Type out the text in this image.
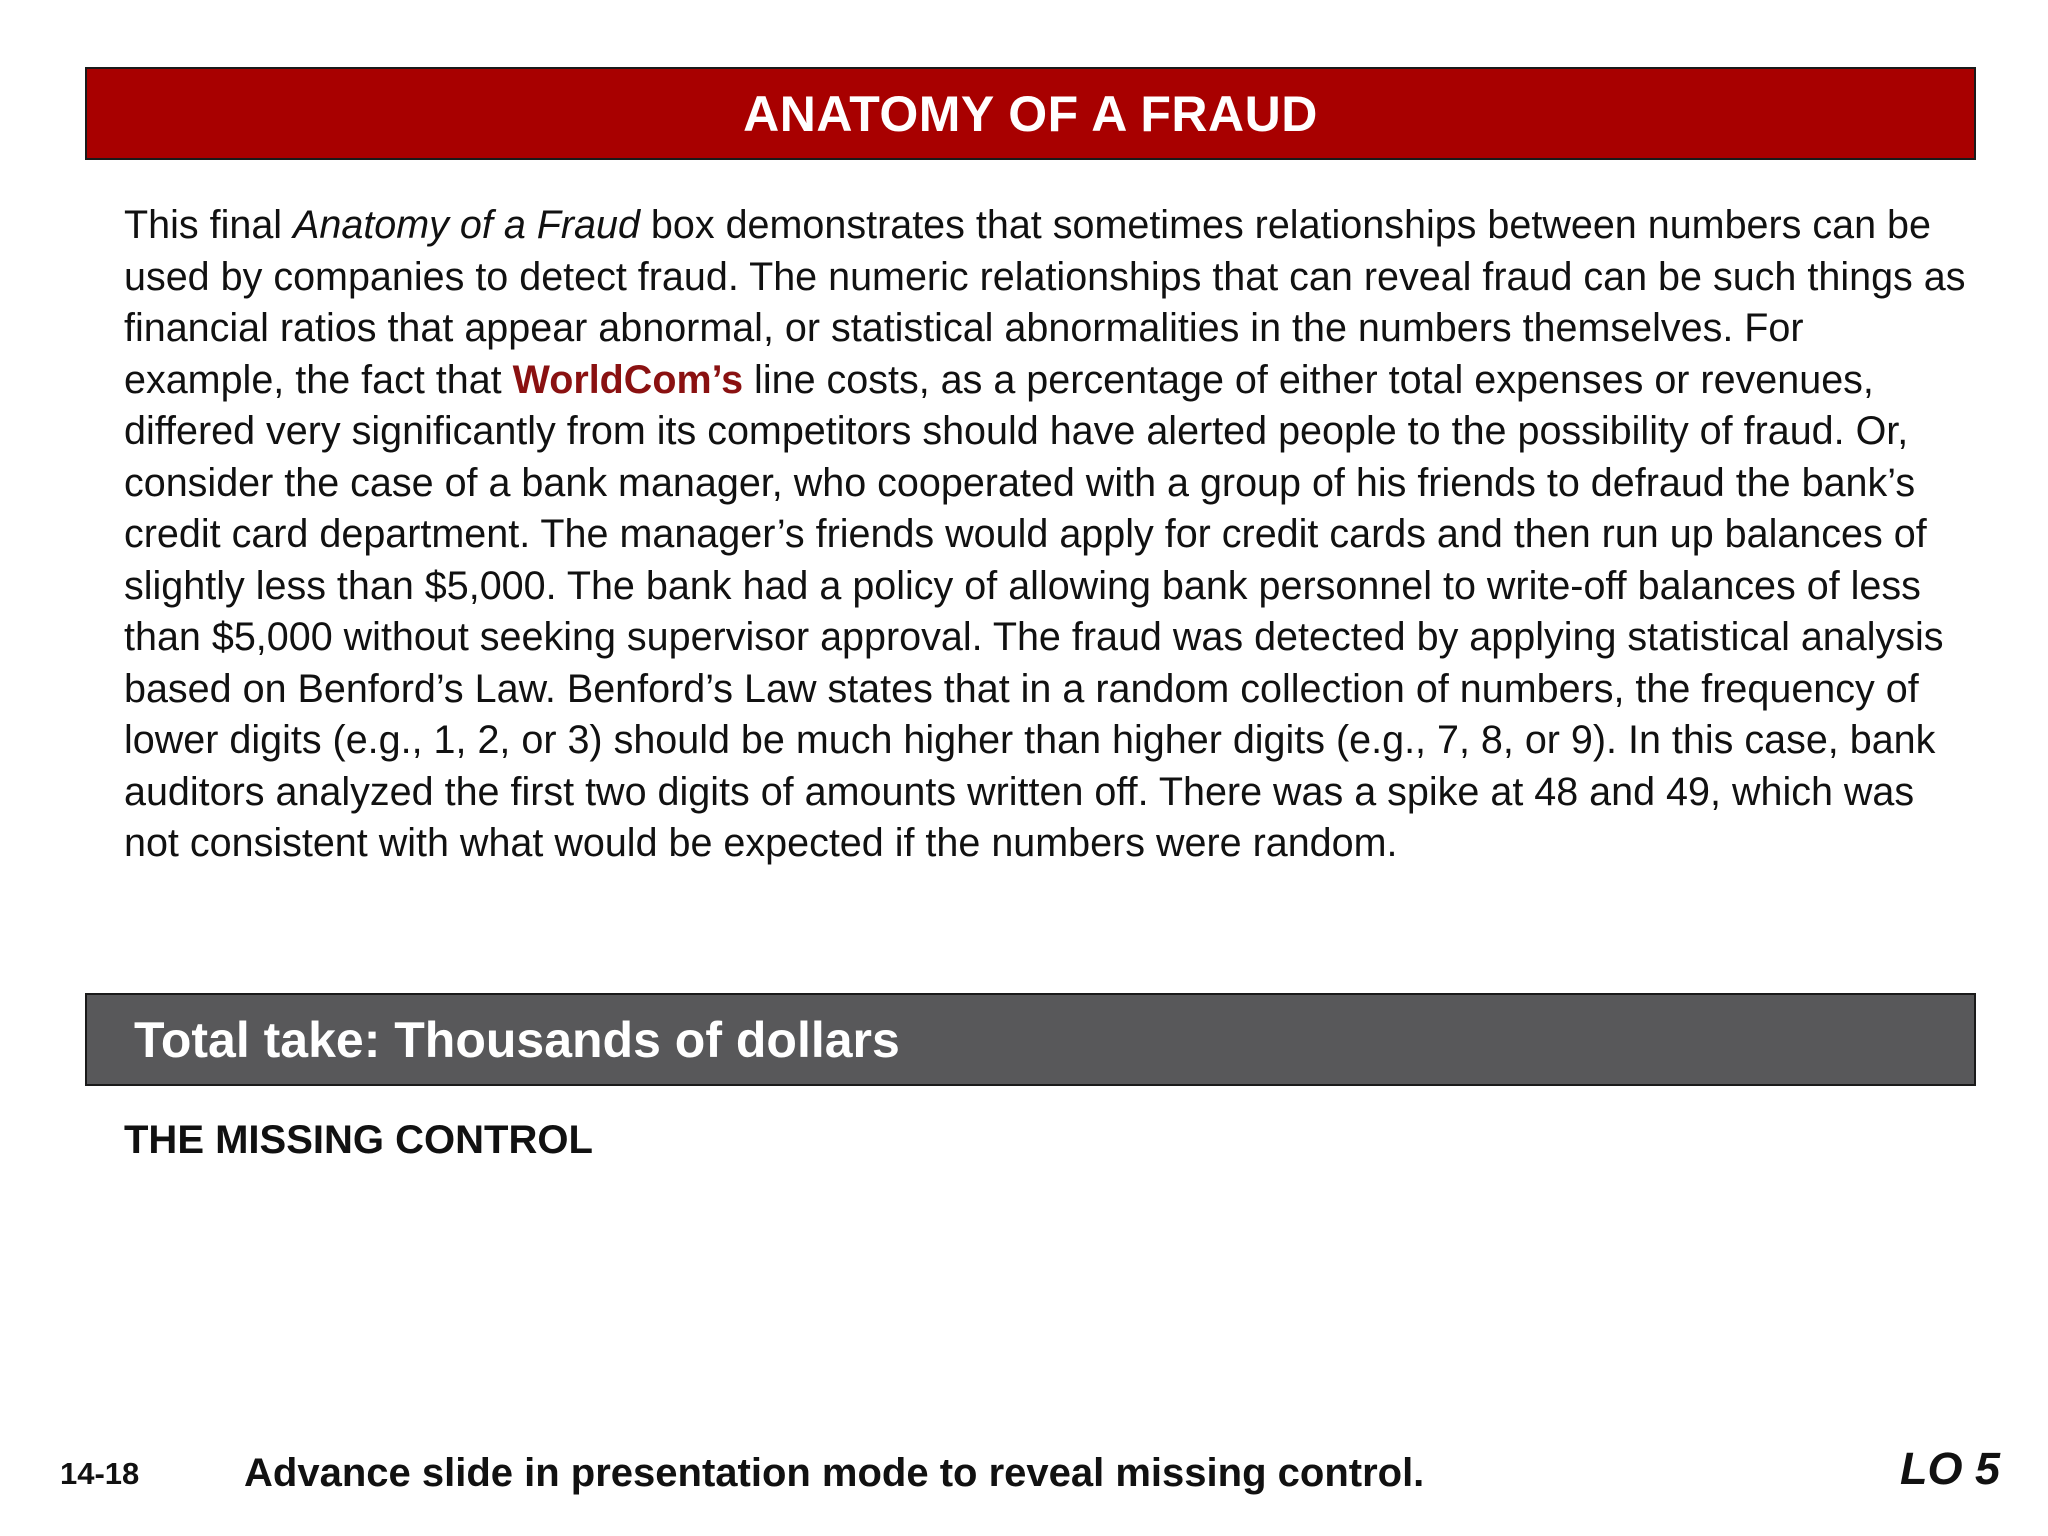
ANATOMY OF A FRAUD
This final Anatomy of a Fraud box demonstrates that sometimes relationships between numbers can be used by companies to detect fraud. The numeric relationships that can reveal fraud can be such things as financial ratios that appear abnormal, or statistical abnormalities in the numbers themselves. For example, the fact that WorldCom’s line costs, as a percentage of either total expenses or revenues, differed very significantly from its competitors should have alerted people to the possibility of fraud. Or, consider the case of a bank manager, who cooperated with a group of his friends to defraud the bank’s credit card department. The manager’s friends would apply for credit cards and then run up balances of slightly less than $5,000. The bank had a policy of allowing bank personnel to write-off balances of less than $5,000 without seeking supervisor approval. The fraud was detected by applying statistical analysis based on Benford’s Law. Benford’s Law states that in a random collection of numbers, the frequency of lower digits (e.g., 1, 2, or 3) should be much higher than higher digits (e.g., 7, 8, or 9). In this case, bank auditors analyzed the first two digits of amounts written off. There was a spike at 48 and 49, which was not consistent with what would be expected if the numbers were random.
Total take: Thousands of dollars
THE MISSING CONTROL
14-18	Advance slide in presentation mode to reveal missing control.	LO 5
